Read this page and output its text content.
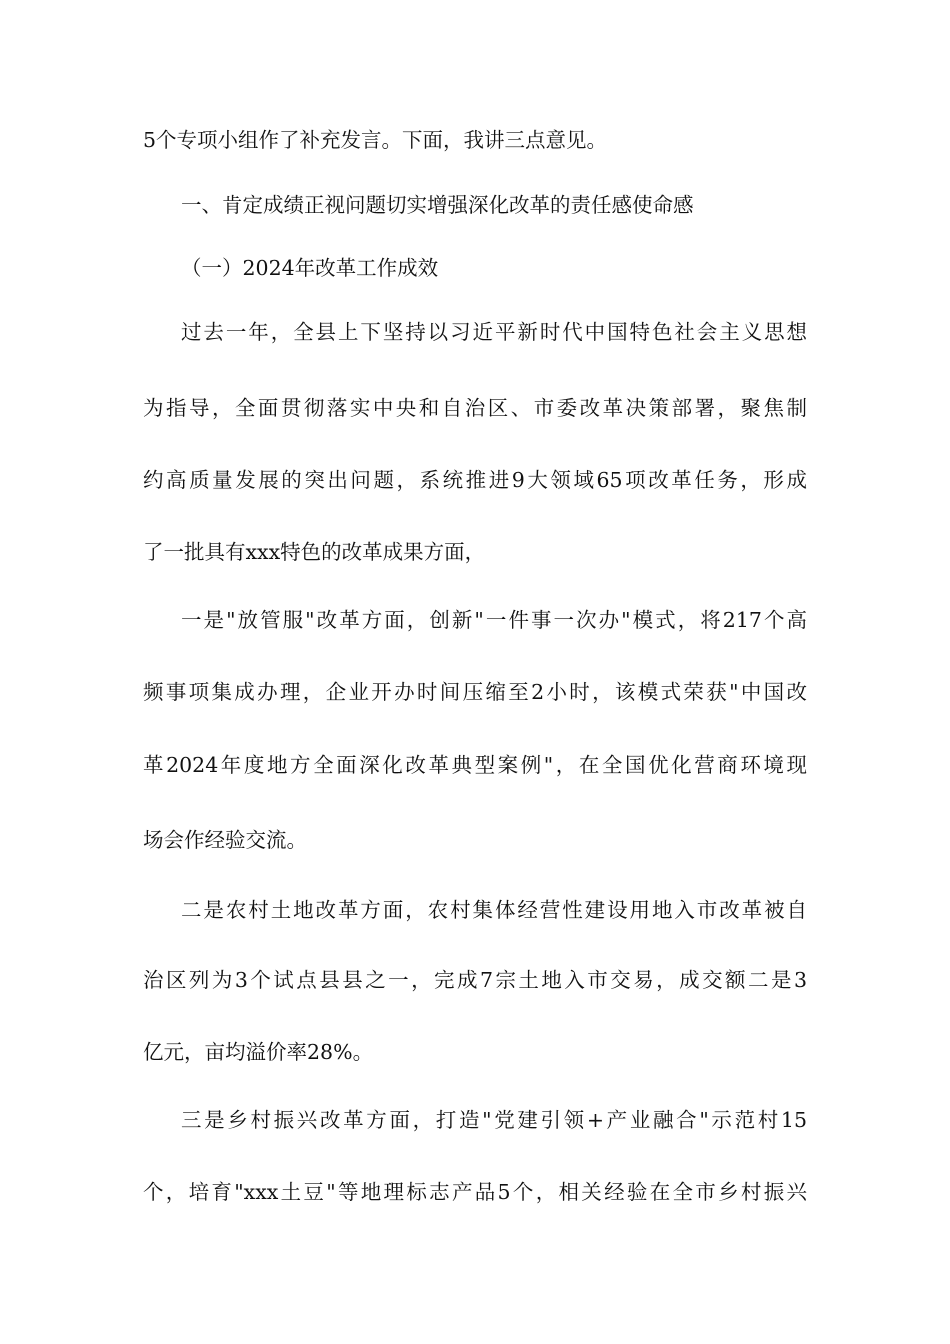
5个专项小组作了补充发言。下面，我讲三点意见。
一、肯定成绩正视问题切实增强深化改革的责任感使命感
（一）2024年改革工作成效
过去一年，全县上下坚持以习近平新时代中国特色社会主义思想
为指导，全面贯彻落实中央和自治区、市委改革决策部署，聚焦制
约高质量发展的突出问题，系统推进9大领域65项改革任务，形成
了一批具有xxx特色的改革成果方面，
一是"放管服"改革方面，创新"一件事一次办"模式，将217个高
频事项集成办理，企业开办时间压缩至2小时，该模式荣获"中国改
革2024年度地方全面深化改革典型案例"，在全国优化营商环境现
场会作经验交流。
二是农村土地改革方面，农村集体经营性建设用地入市改革被自
治区列为3个试点县县之一，完成7宗土地入市交易，成交额二是3
亿元，亩均溢价率28%。
三是乡村振兴改革方面，打造"党建引领+产业融合"示范村15
个，培育"xxx土豆"等地理标志产品5个，相关经验在全市乡村振兴
